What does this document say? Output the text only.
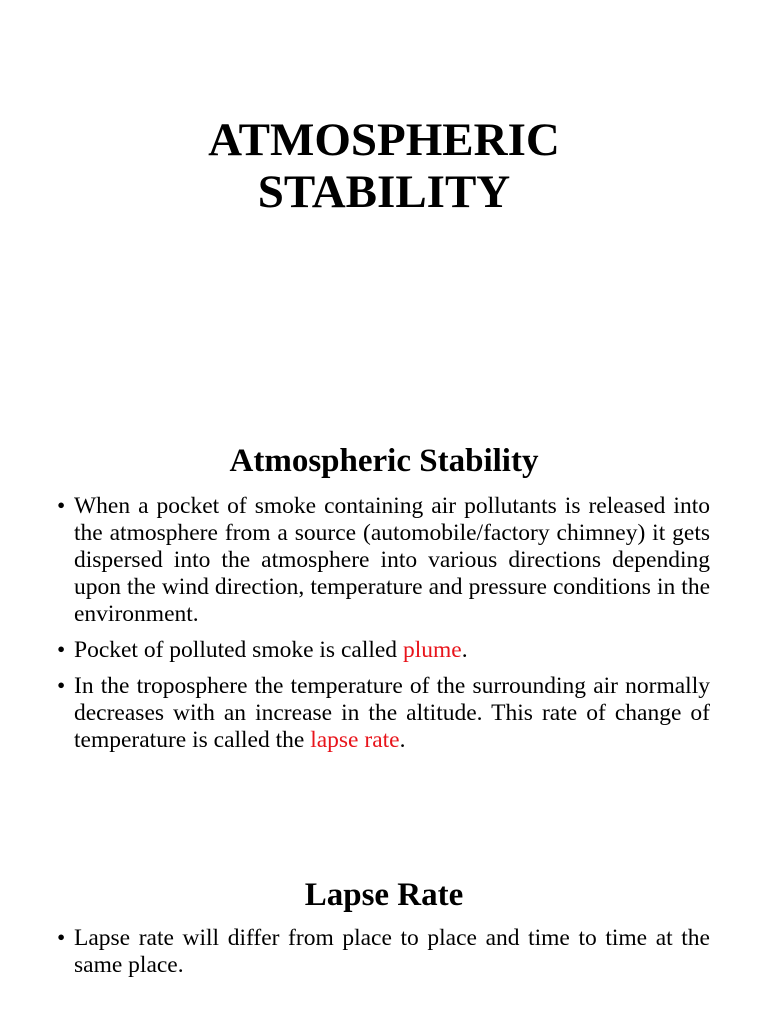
ATMOSPHERIC
STABILITY
Atmospheric Stability
• When a pocket of smoke containing air pollutants is released into the atmosphere from a source (automobile/factory chimney) it gets dispersed into the atmosphere into various directions depending upon the wind direction, temperature and pressure conditions in the environment.
• Pocket of polluted smoke is called plume.
• In the troposphere the temperature of the surrounding air normally decreases with an increase in the altitude. This rate of change of temperature is called the lapse rate.
Lapse Rate
• Lapse rate will differ from place to place and time to time at the same place.
